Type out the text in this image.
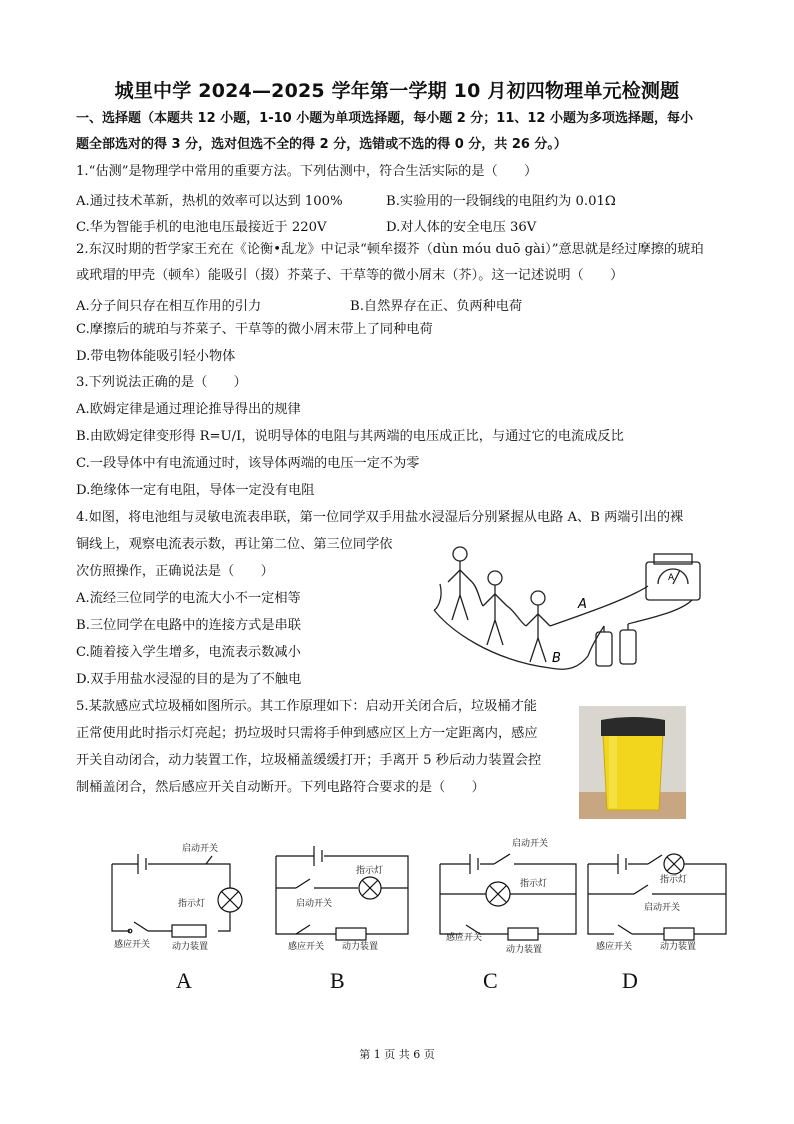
城里中学 2024—2025 学年第一学期 10 月初四物理单元检测题
一、选择题（本题共 12 小题，1-10 小题为单项选择题，每小题 2 分；11、12 小题为多项选择题，每小
题全部选对的得 3 分，选对但选不全的得 2 分，选错或不选的得 0 分，共 26 分。）
1.“估测”是物理学中常用的重要方法。下列估测中，符合生活实际的是（　　）
A.通过技术革新，热机的效率可以达到 100%	B.实验用的一段铜线的电阻约为 0.01Ω
C.华为智能手机的电池电压最接近于 220V	D.对人体的安全电压 36V
2.东汉时期的哲学家王充在《论衡•乱龙》中记录“顿牟掇芥（dùn móu duō gài）”意思就是经过摩擦的琥珀
或玳瑁的甲壳（顿牟）能吸引（掇）芥菜子、干草等的微小屑末（芥）。这一记述说明（　　）
A.分子间只存在相互作用的引力	B.自然界存在正、负两种电荷
C.摩擦后的琥珀与芥菜子、干草等的微小屑末带上了同种电荷
D.带电物体能吸引轻小物体
3.下列说法正确的是（　　）
A.欧姆定律是通过理论推导得出的规律
B.由欧姆定律变形得 R=U/I，说明导体的电阻与其两端的电压成正比，与通过它的电流成反比
C.一段导体中有电流通过时，该导体两端的电压一定不为零
D.绝缘体一定有电阻，导体一定没有电阻
4.如图，将电池组与灵敏电流表串联，第一位同学双手用盐水浸湿后分别紧握从电路 A、B 两端引出的裸
铜线上，观察电流表示数，再让第二位、第三位同学依
次仿照操作，正确说法是（　　）
A.流经三位同学的电流大小不一定相等
B.三位同学在电路中的连接方式是串联
C.随着接入学生增多，电流表示数减小
D.双手用盐水浸湿的目的是为了不触电
A
B
A
5.某款感应式垃圾桶如图所示。其工作原理如下：启动开关闭合后，垃圾桶才能
正常使用此时指示灯亮起；扔垃圾时只需将手伸到感应区上方一定距离内，感应
开关自动闭合，动力装置工作，垃圾桶盖缓缓打开；手离开 5 秒后动力装置会控
制桶盖闭合，然后感应开关自动断开。下列电路符合要求的是（　　）
启动开关
指示灯
感应开关 动力装置
指示灯
启动开关
感应开关 动力装置
启动开关
指示灯
感应开关
动力装置
指示灯
启动开关
感应开关	动力装置
A	B	C	D
第 1 页 共 6 页
